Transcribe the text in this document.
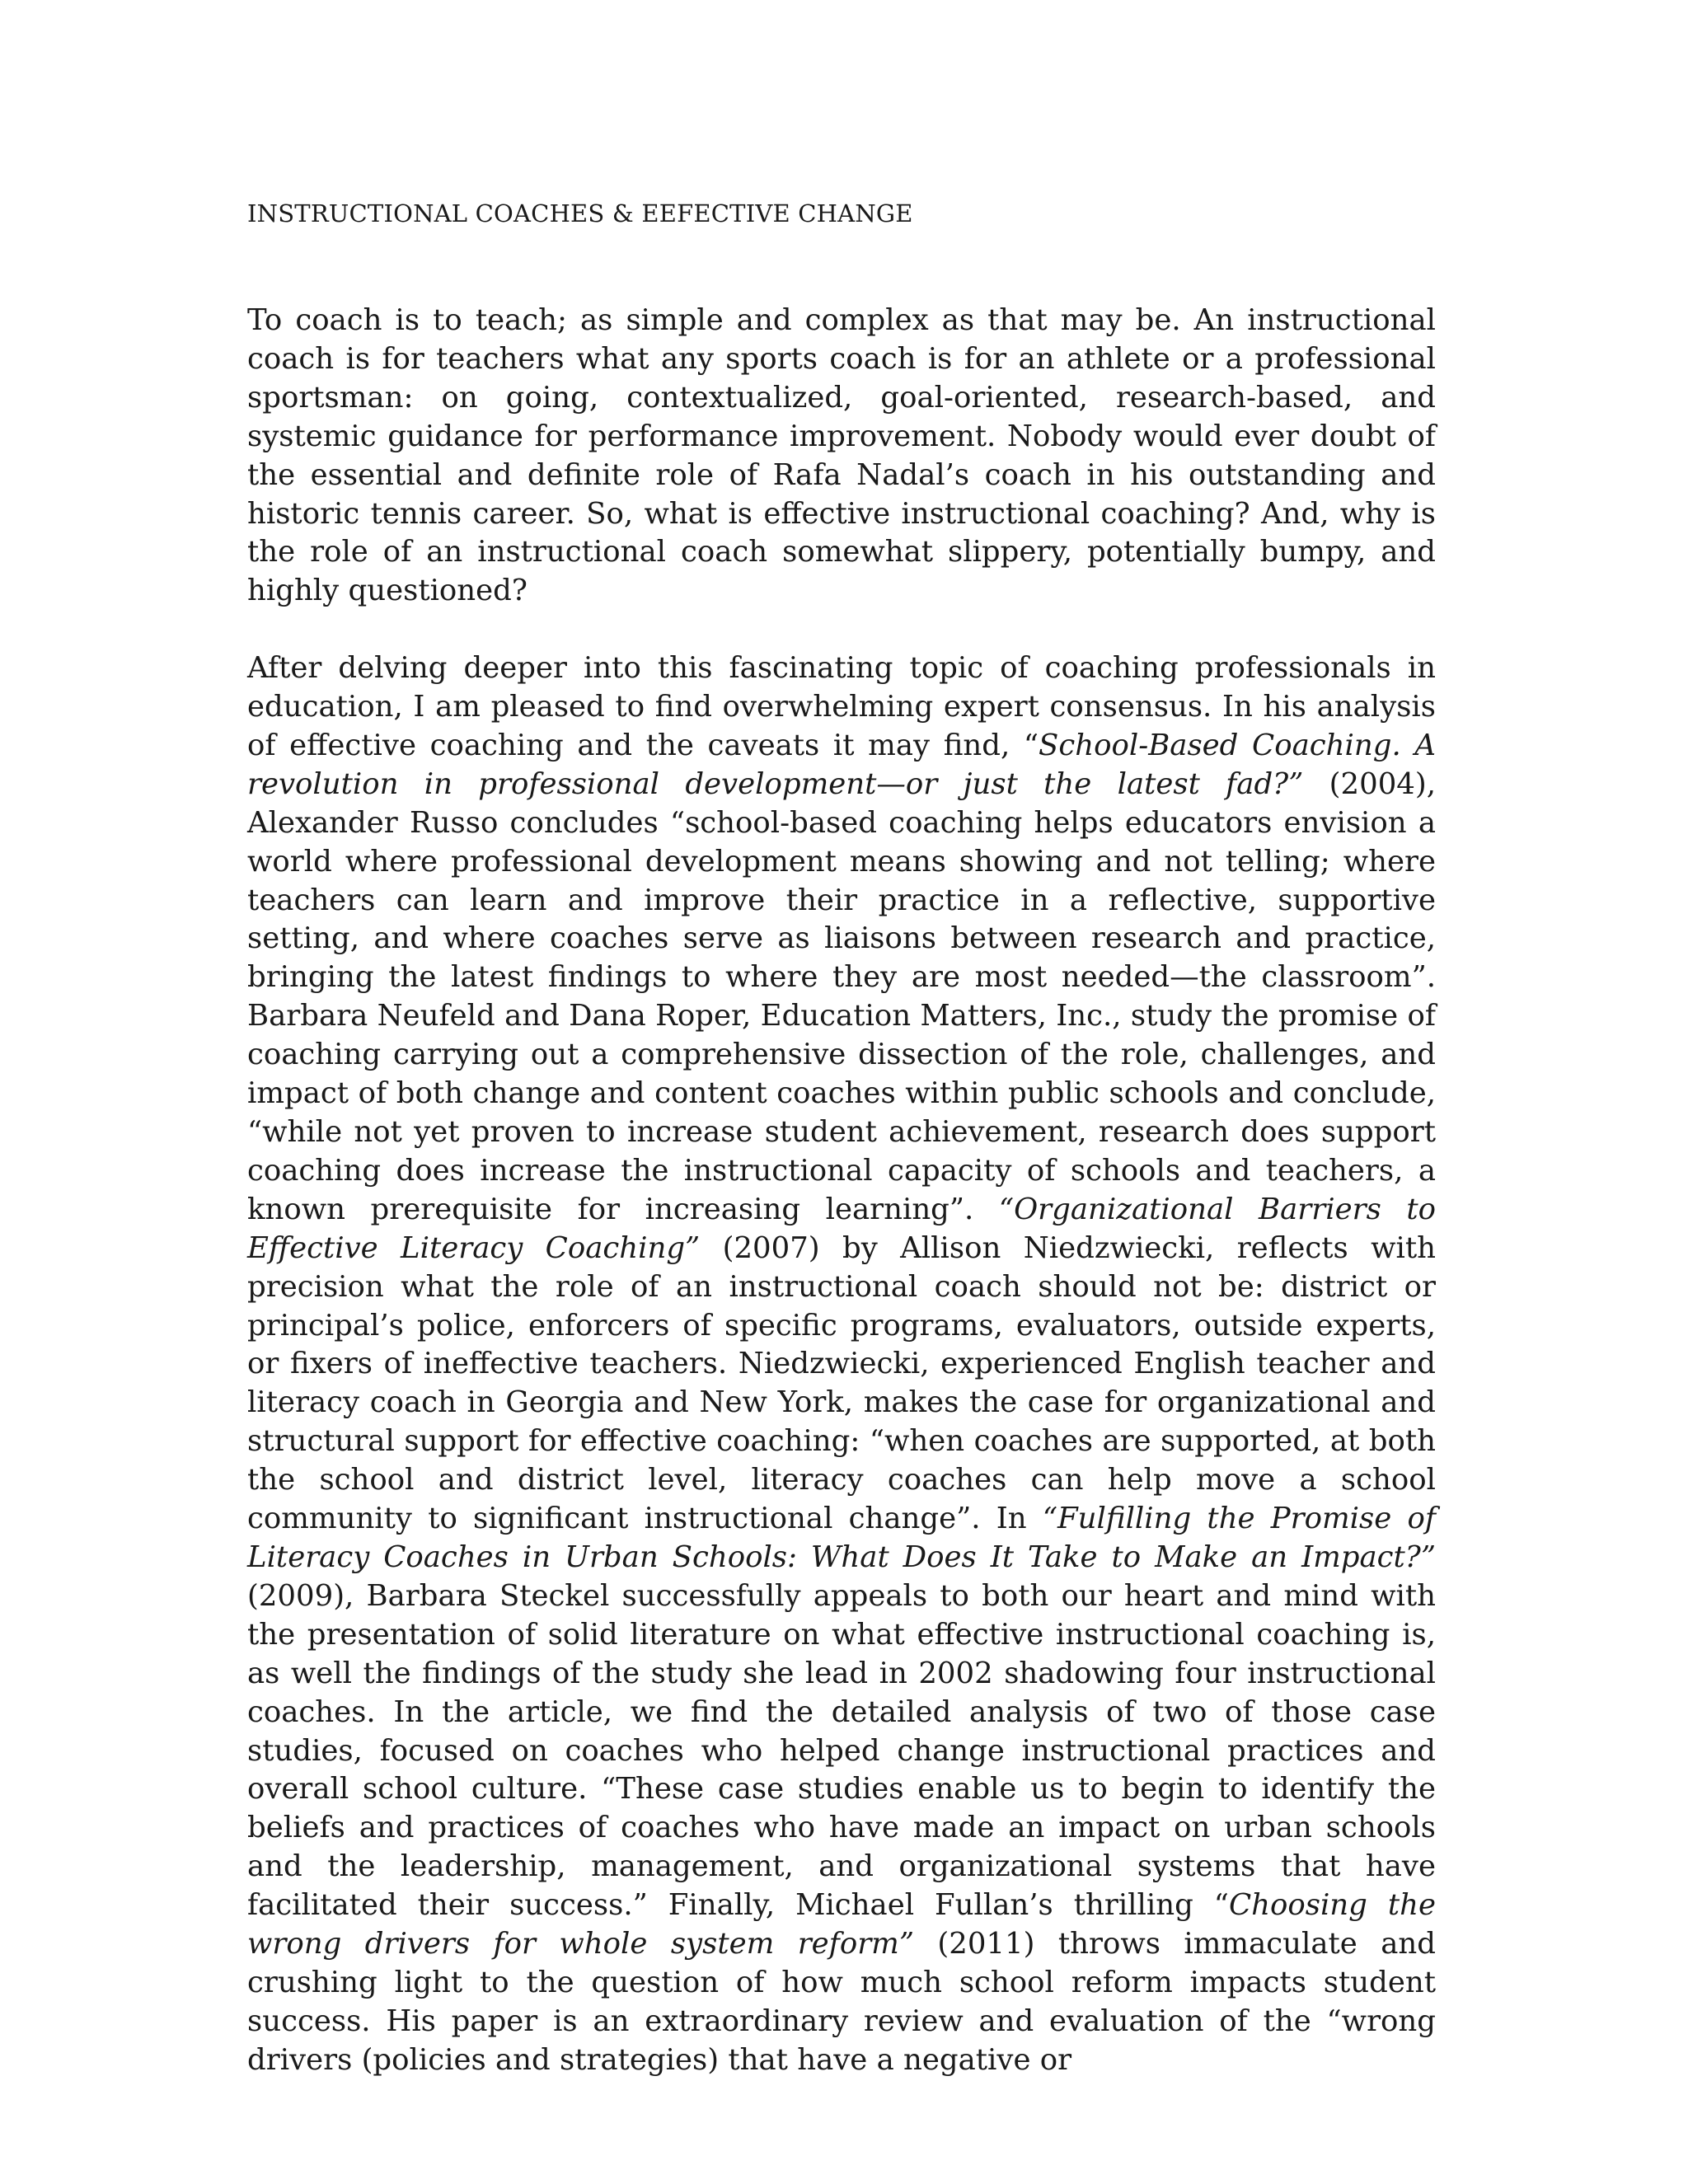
INSTRUCTIONAL COACHES & EEFECTIVE CHANGE

To coach is to teach; as simple and complex as that may be. An instructional coach is for teachers what any sports coach is for an athlete or a professional sportsman: on going, contextualized, goal-oriented, research-based, and systemic guidance for performance improvement. Nobody would ever doubt of the essential and definite role of Rafa Nadal’s coach in his outstanding and historic tennis career. So, what is effective instructional coaching? And, why is the role of an instructional coach somewhat slippery, potentially bumpy, and highly questioned?

After delving deeper into this fascinating topic of coaching professionals in education, I am pleased to find overwhelming expert consensus. In his analysis of effective coaching and the caveats it may find, “School-Based Coaching. A revolution in professional development—or just the latest fad?” (2004), Alexander Russo concludes “school-based coaching helps educators envision a world where professional development means showing and not telling; where teachers can learn and improve their practice in a reflective, supportive setting, and where coaches serve as liaisons between research and practice, bringing the latest findings to where they are most needed—the classroom”. Barbara Neufeld and Dana Roper, Education Matters, Inc., study the promise of coaching carrying out a comprehensive dissection of the role, challenges, and impact of both change and content coaches within public schools and conclude, “while not yet proven to increase student achievement, research does support coaching does increase the instructional capacity of schools and teachers, a known prerequisite for increasing learning”. “Organizational Barriers to Effective Literacy Coaching” (2007) by Allison Niedzwiecki, reflects with precision what the role of an instructional coach should not be: district or principal’s police, enforcers of specific programs, evaluators, outside experts, or fixers of ineffective teachers. Niedzwiecki, experienced English teacher and literacy coach in Georgia and New York, makes the case for organizational and structural support for effective coaching: “when coaches are supported, at both the school and district level, literacy coaches can help move a school community to significant instructional change”. In “Fulfilling the Promise of Literacy Coaches in Urban Schools: What Does It Take to Make an Impact?” (2009), Barbara Steckel successfully appeals to both our heart and mind with the presentation of solid literature on what effective instructional coaching is, as well the findings of the study she lead in 2002 shadowing four instructional coaches. In the article, we find the detailed analysis of two of those case studies, focused on coaches who helped change instructional practices and overall school culture. “These case studies enable us to begin to identify the beliefs and practices of coaches who have made an impact on urban schools and the leadership, management, and organizational systems that have facilitated their success.” Finally, Michael Fullan’s thrilling “Choosing the wrong drivers for whole system reform” (2011) throws immaculate and crushing light to the question of how much school reform impacts student success. His paper is an extraordinary review and evaluation of the “wrong drivers (policies and strategies) that have a negative or
